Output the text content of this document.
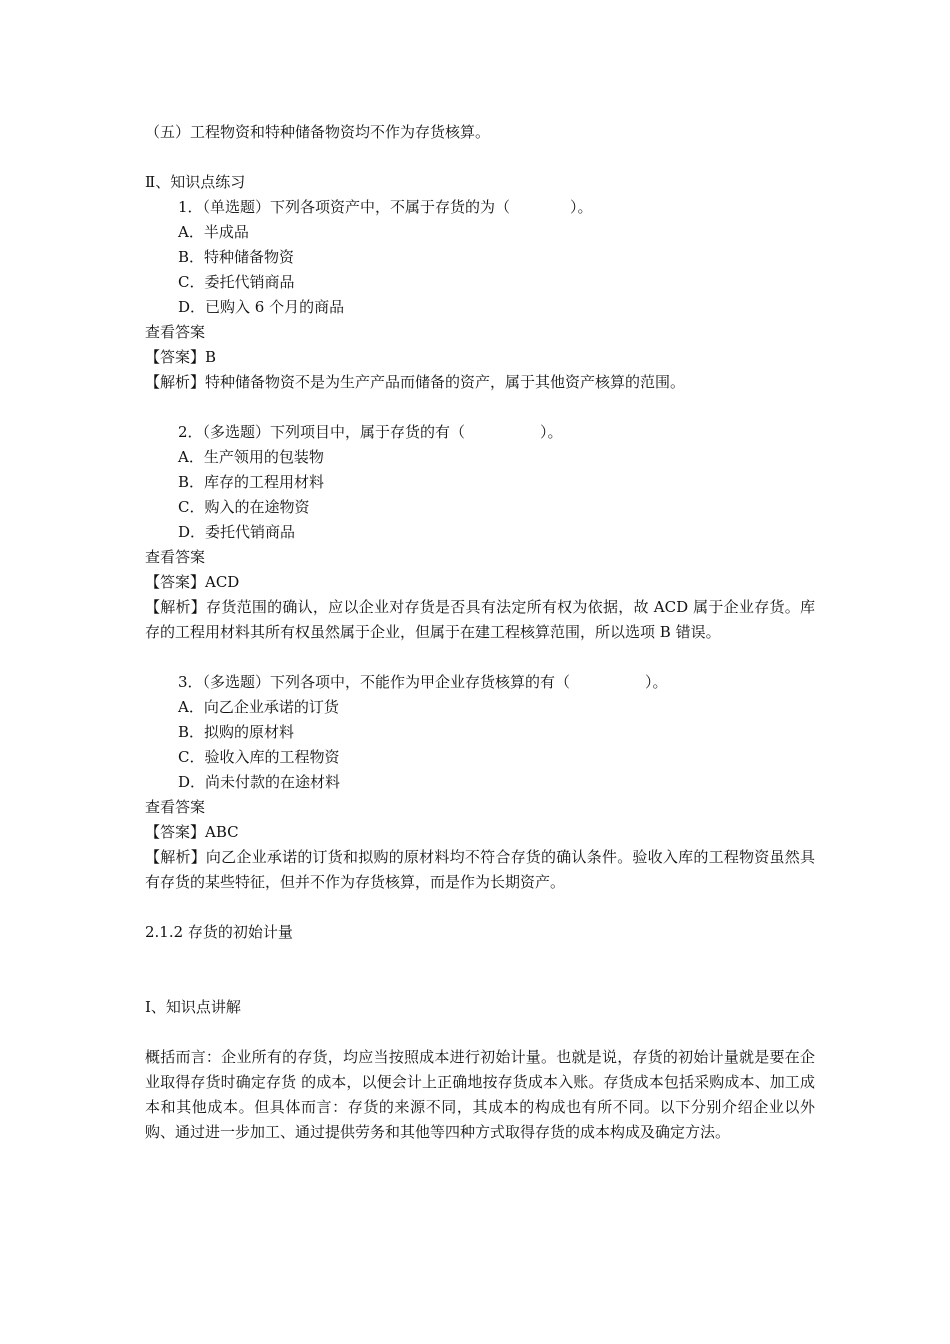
（五）工程物资和特种储备物资均不作为存货核算。
Ⅱ、知识点练习
1．（单选题）下列各项资产中，不属于存货的为（　　　　）。
A．半成品
B．特种储备物资
C．委托代销商品
D．已购入 6 个月的商品
查看答案
【答案】B
【解析】特种储备物资不是为生产产品而储备的资产，属于其他资产核算的范围。
2．（多选题）下列项目中，属于存货的有（　　　　　）。
A．生产领用的包装物
B．库存的工程用材料
C．购入的在途物资
D．委托代销商品
查看答案
【答案】ACD
【解析】存货范围的确认，应以企业对存货是否具有法定所有权为依据，故 ACD 属于企业存货。库存的工程用材料其所有权虽然属于企业，但属于在建工程核算范围，所以选项 B 错误。
3．（多选题）下列各项中，不能作为甲企业存货核算的有（　　　　　）。
A．向乙企业承诺的订货
B．拟购的原材料
C．验收入库的工程物资
D．尚未付款的在途材料
查看答案
【答案】ABC
【解析】向乙企业承诺的订货和拟购的原材料均不符合存货的确认条件。验收入库的工程物资虽然具有存货的某些特征，但并不作为存货核算，而是作为长期资产。
2.1.2 存货的初始计量
Ⅰ、知识点讲解
概括而言：企业所有的存货，均应当按照成本进行初始计量。也就是说，存货的初始计量就是要在企业取得存货时确定存货 的成本，以便会计上正确地按存货成本入账。存货成本包括采购成本、加工成本和其他成本。但具体而言：存货的来源不同，其成本的构成也有所不同。以下分别介绍企业以外购、通过进一步加工、通过提供劳务和其他等四种方式取得存货的成本构成及确定方法。
